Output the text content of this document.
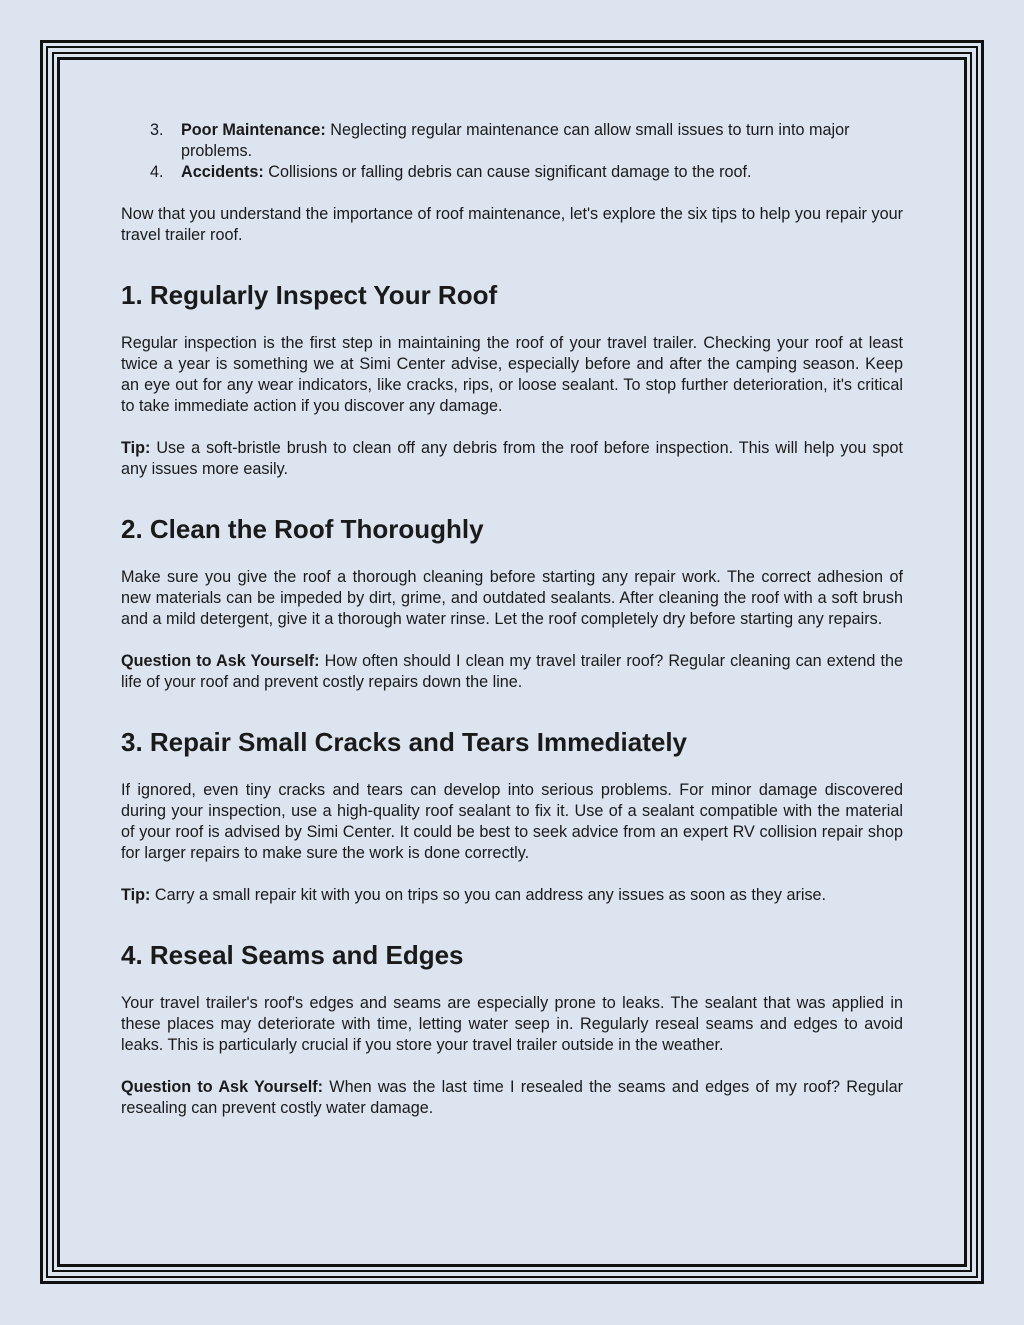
3. Poor Maintenance: Neglecting regular maintenance can allow small issues to turn into major problems.
4. Accidents: Collisions or falling debris can cause significant damage to the roof.

Now that you understand the importance of roof maintenance, let's explore the six tips to help you repair your travel trailer roof.

1. Regularly Inspect Your Roof

Regular inspection is the first step in maintaining the roof of your travel trailer. Checking your roof at least twice a year is something we at Simi Center advise, especially before and after the camping season. Keep an eye out for any wear indicators, like cracks, rips, or loose sealant. To stop further deterioration, it's critical to take immediate action if you discover any damage.

Tip: Use a soft-bristle brush to clean off any debris from the roof before inspection. This will help you spot any issues more easily.

2. Clean the Roof Thoroughly

Make sure you give the roof a thorough cleaning before starting any repair work. The correct adhesion of new materials can be impeded by dirt, grime, and outdated sealants. After cleaning the roof with a soft brush and a mild detergent, give it a thorough water rinse. Let the roof completely dry before starting any repairs.

Question to Ask Yourself: How often should I clean my travel trailer roof? Regular cleaning can extend the life of your roof and prevent costly repairs down the line.

3. Repair Small Cracks and Tears Immediately

If ignored, even tiny cracks and tears can develop into serious problems. For minor damage discovered during your inspection, use a high-quality roof sealant to fix it. Use of a sealant compatible with the material of your roof is advised by Simi Center. It could be best to seek advice from an expert RV collision repair shop for larger repairs to make sure the work is done correctly.

Tip: Carry a small repair kit with you on trips so you can address any issues as soon as they arise.

4. Reseal Seams and Edges

Your travel trailer's roof's edges and seams are especially prone to leaks. The sealant that was applied in these places may deteriorate with time, letting water seep in. Regularly reseal seams and edges to avoid leaks. This is particularly crucial if you store your travel trailer outside in the weather.

Question to Ask Yourself: When was the last time I resealed the seams and edges of my roof? Regular resealing can prevent costly water damage.
